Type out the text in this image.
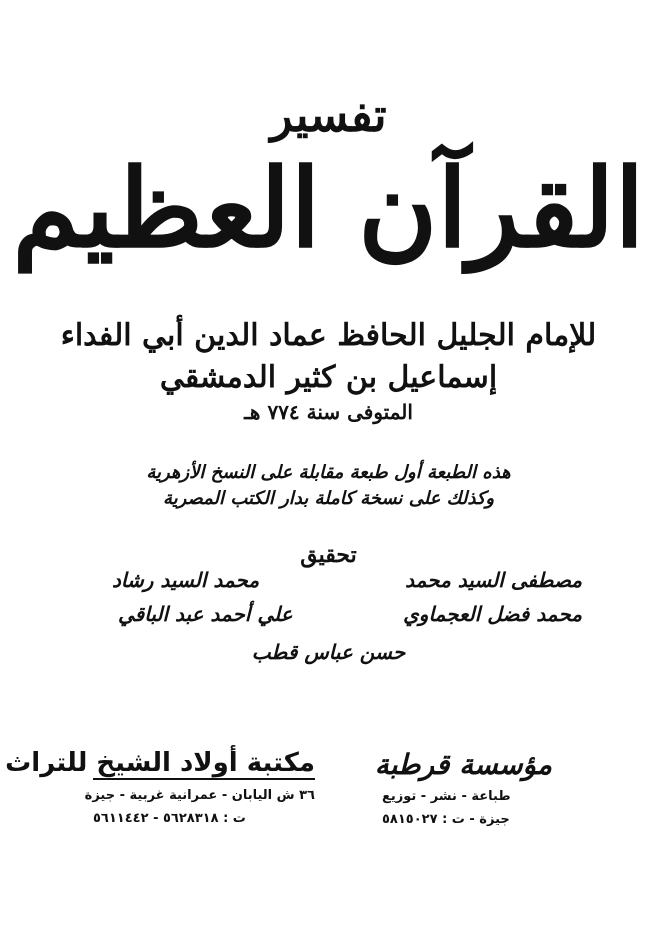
تفسير
القرآن العظيم
للإمام الجليل الحافظ عماد الدين أبي الفداء
إسماعيل بن كثير الدمشقي
المتوفى سنة ٧٧٤ هـ
هذه الطبعة أول طبعة مقابلة على النسخ الأزهرية
وكذلك على نسخة كاملة بدار الكتب المصرية
تحقيق
مصطفى السيد محمد
محمد السيد رشاد
محمد فضل العجماوي
علي أحمد عبد الباقي
حسن عباس قطب
مكتبة أولاد الشيخ للتراث
٣٦ ش اليابان - عمرانية غربية - جيزة
ت : ٥٦٢٨٣١٨ - ٥٦١١٤٤٢
مؤسسة قرطبة
طباعة - نشر - توزيع
جيزة - ت : ٥٨١٥٠٢٧
